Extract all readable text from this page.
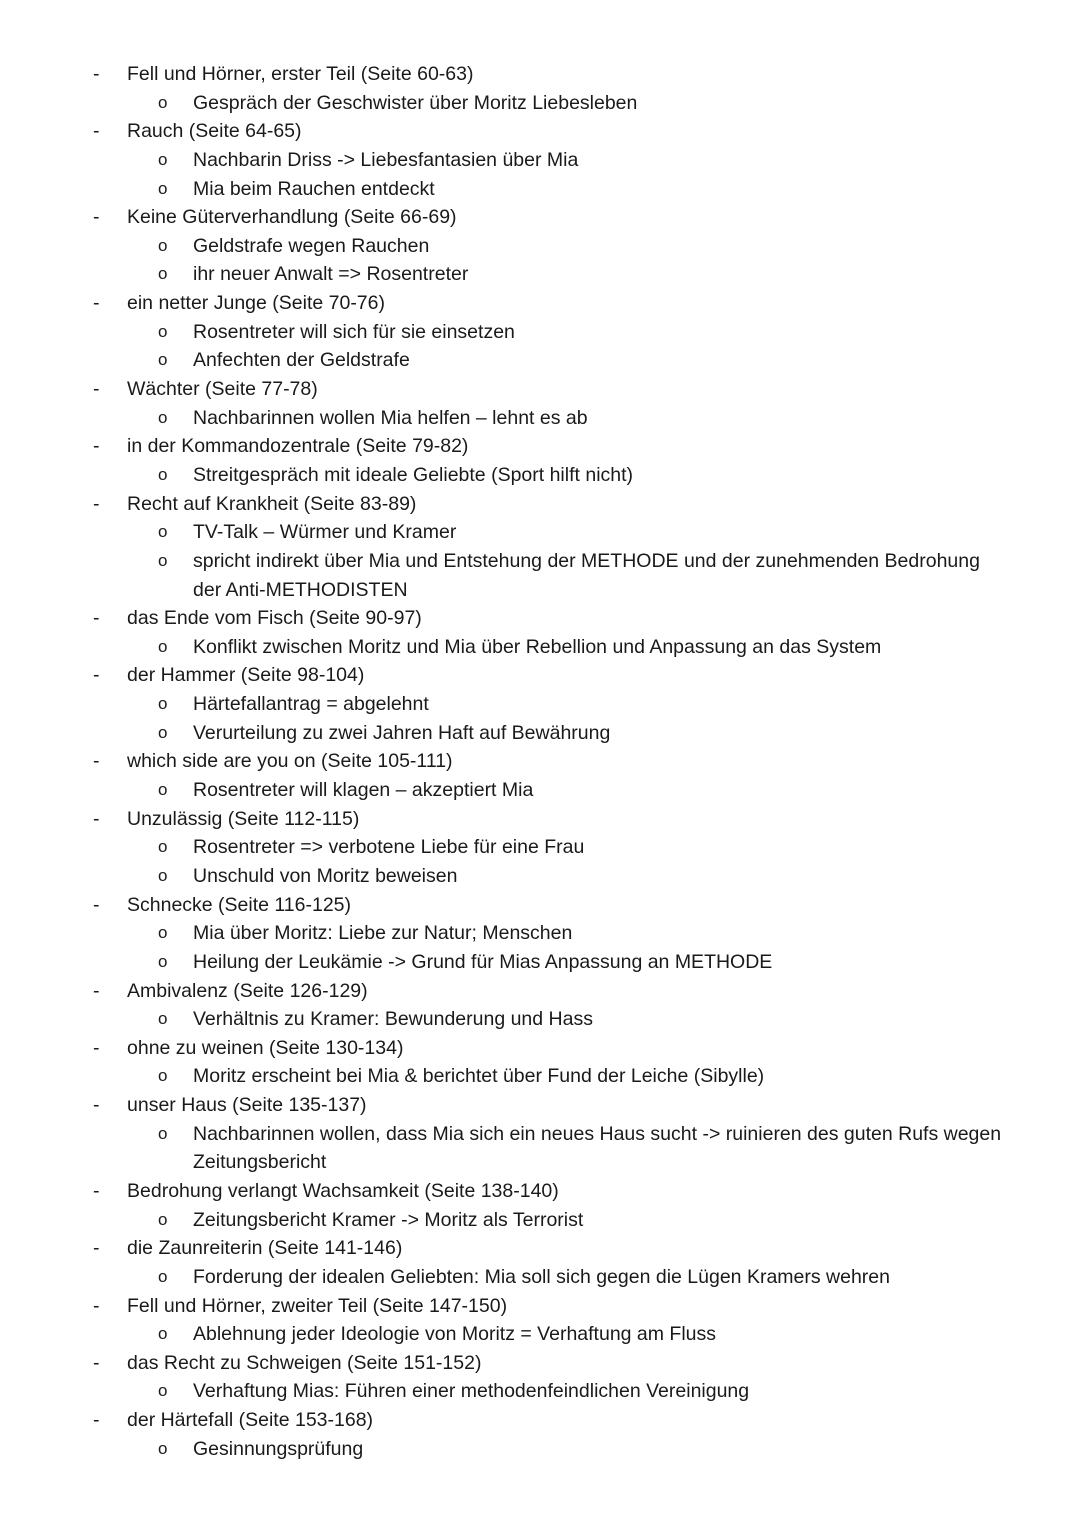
- Fell und Hörner, erster Teil (Seite 60-63)
o Gespräch der Geschwister über Moritz Liebesleben
- Rauch (Seite 64-65)
o Nachbarin Driss -> Liebesfantasien über Mia
o Mia beim Rauchen entdeckt
- Keine Güterverhandlung (Seite 66-69)
o Geldstrafe wegen Rauchen
o ihr neuer Anwalt => Rosentreter
- ein netter Junge (Seite 70-76)
o Rosentreter will sich für sie einsetzen
o Anfechten der Geldstrafe
- Wächter (Seite 77-78)
o Nachbarinnen wollen Mia helfen – lehnt es ab
- in der Kommandozentrale (Seite 79-82)
o Streitgespräch mit ideale Geliebte (Sport hilft nicht)
- Recht auf Krankheit (Seite 83-89)
o TV-Talk – Würmer und Kramer
o spricht indirekt über Mia und Entstehung der METHODE und der zunehmenden Bedrohung
der Anti-METHODISTEN
- das Ende vom Fisch (Seite 90-97)
o Konflikt zwischen Moritz und Mia über Rebellion und Anpassung an das System
- der Hammer (Seite 98-104)
o Härtefallantrag = abgelehnt
o Verurteilung zu zwei Jahren Haft auf Bewährung
- which side are you on (Seite 105-111)
o Rosentreter will klagen – akzeptiert Mia
- Unzulässig (Seite 112-115)
o Rosentreter => verbotene Liebe für eine Frau
o Unschuld von Moritz beweisen
- Schnecke (Seite 116-125)
o Mia über Moritz: Liebe zur Natur; Menschen
o Heilung der Leukämie -> Grund für Mias Anpassung an METHODE
- Ambivalenz (Seite 126-129)
o Verhältnis zu Kramer: Bewunderung und Hass
- ohne zu weinen (Seite 130-134)
o Moritz erscheint bei Mia & berichtet über Fund der Leiche (Sibylle)
- unser Haus (Seite 135-137)
o Nachbarinnen wollen, dass Mia sich ein neues Haus sucht -> ruinieren des guten Rufs wegen
Zeitungsbericht
- Bedrohung verlangt Wachsamkeit (Seite 138-140)
o Zeitungsbericht Kramer -> Moritz als Terrorist
- die Zaunreiterin (Seite 141-146)
o Forderung der idealen Geliebten: Mia soll sich gegen die Lügen Kramers wehren
- Fell und Hörner, zweiter Teil (Seite 147-150)
o Ablehnung jeder Ideologie von Moritz = Verhaftung am Fluss
- das Recht zu Schweigen (Seite 151-152)
o Verhaftung Mias: Führen einer methodenfeindlichen Vereinigung
- der Härtefall (Seite 153-168)
o Gesinnungsprüfung
